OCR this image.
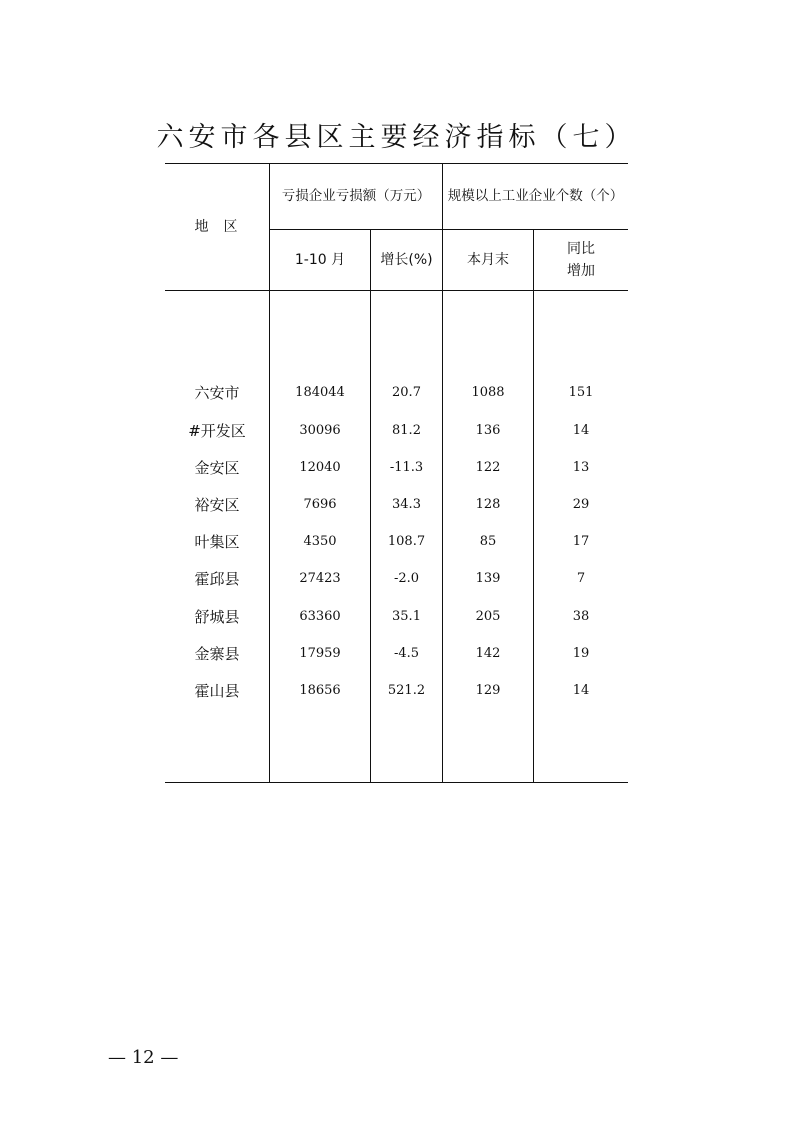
六安市各县区主要经济指标（七）
地  区
亏损企业亏损额（万元）	规模以上工业企业个数（个）
1-10 月	增长(%)	本月末
同比
增加
六安市	184044	20.7	1088	151
#开发区	30096	81.2	136	14
金安区	12040	-11.3	122	13
裕安区	7696	34.3	128	29
叶集区	4350	108.7	85	17
霍邱县	27423	-2.0	139	7
舒城县	63360	35.1	205	38
金寨县	17959	-4.5	142	19
霍山县	18656	521.2	129	14
— 12 —
